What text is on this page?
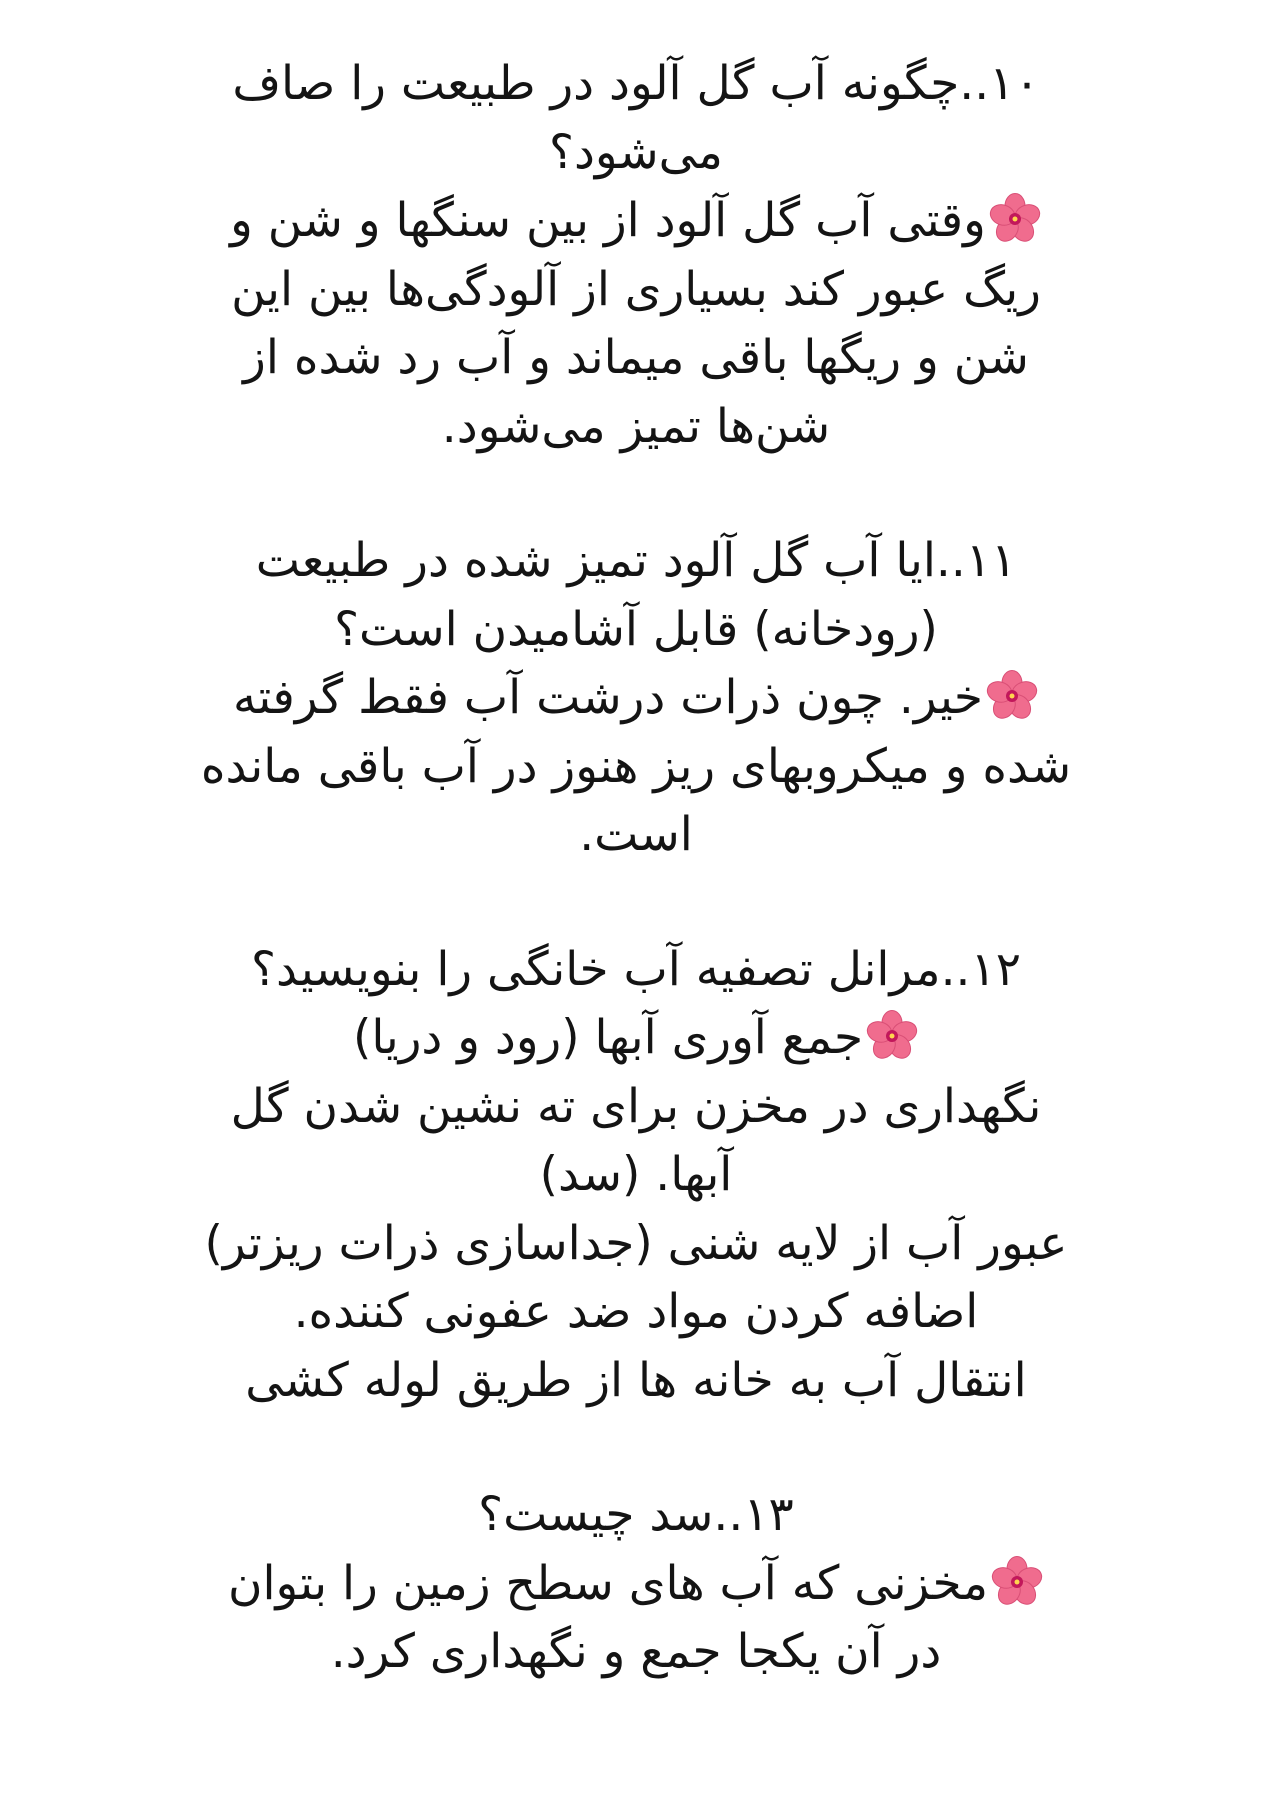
۱۰..چگونه آب گل آلود در طبیعت را صاف
می‌شود؟
وقتی آب گل آلود از بین سنگها و شن و
ریگ عبور کند بسیاری از آلودگی‌ها بین این
شن و ریگها باقی میماند و آب رد شده از
شن‌ها تمیز می‌شود.
۱۱..ایا آب گل آلود تمیز شده در طبیعت
(رودخانه) قابل آشامیدن است؟
خیر. چون ذرات درشت آب فقط گرفته
شده و میکروبهای ریز هنوز در آب باقی مانده
است.
۱۲..مرانل تصفیه آب خانگی را بنویسید؟
جمع آوری آبها (رود و دریا)
نگهداری در مخزن برای ته نشین شدن گل
آبها. (سد)
عبور آب از لایه شنی (جداسازی ذرات ریزتر)
اضافه کردن مواد ضد عفونی کننده.
انتقال آب به خانه ها از طریق لوله کشی
۱۳..سد چیست؟
مخزنی که آب های سطح زمین را بتوان
در آن یکجا جمع و نگهداری کرد.
